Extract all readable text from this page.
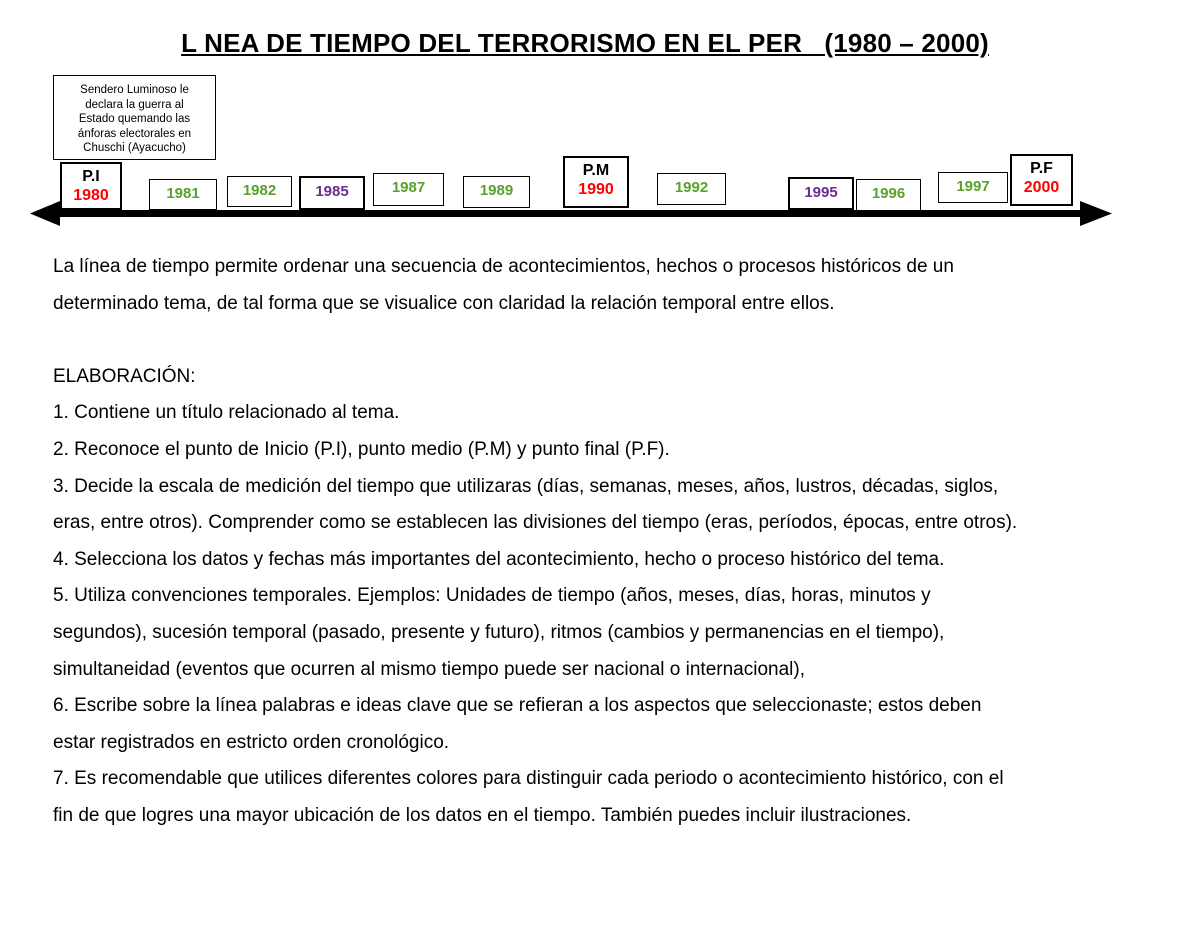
L NEA DE TIEMPO DEL TERRORISMO EN EL PER   (1980 – 2000)
Sendero Luminoso le
declara la guerra al
Estado quemando las
ánforas electorales en
Chuschi (Ayacucho)
P.I
1980
P.M
1990
P.F
2000
1981	1982	1985	1987	1989	1992	1995	1996	1997

La línea de tiempo permite ordenar una secuencia de acontecimientos, hechos o procesos históricos de un

determinado tema, de tal forma que se visualice con claridad la relación temporal entre ellos.

ELABORACIÓN:

1. Contiene un título relacionado al tema.

2. Reconoce el punto de Inicio (P.I), punto medio (P.M) y punto final (P.F).

3. Decide la escala de medición del tiempo que utilizaras (días, semanas, meses, años, lustros, décadas, siglos,

eras, entre otros). Comprender como se establecen las divisiones del tiempo (eras, períodos, épocas, entre otros).

4. Selecciona los datos y fechas más importantes del acontecimiento, hecho o proceso histórico del tema.

5. Utiliza convenciones temporales. Ejemplos: Unidades de tiempo (años, meses, días, horas, minutos y

segundos), sucesión temporal (pasado, presente y futuro), ritmos (cambios y permanencias en el tiempo),

simultaneidad (eventos que ocurren al mismo tiempo puede ser nacional o internacional),

6. Escribe sobre la línea palabras e ideas clave que se refieran a los aspectos que seleccionaste; estos deben

estar registrados en estricto orden cronológico.

7. Es recomendable que utilices diferentes colores para distinguir cada periodo o acontecimiento histórico, con el

fin de que logres una mayor ubicación de los datos en el tiempo. También puedes incluir ilustraciones.
